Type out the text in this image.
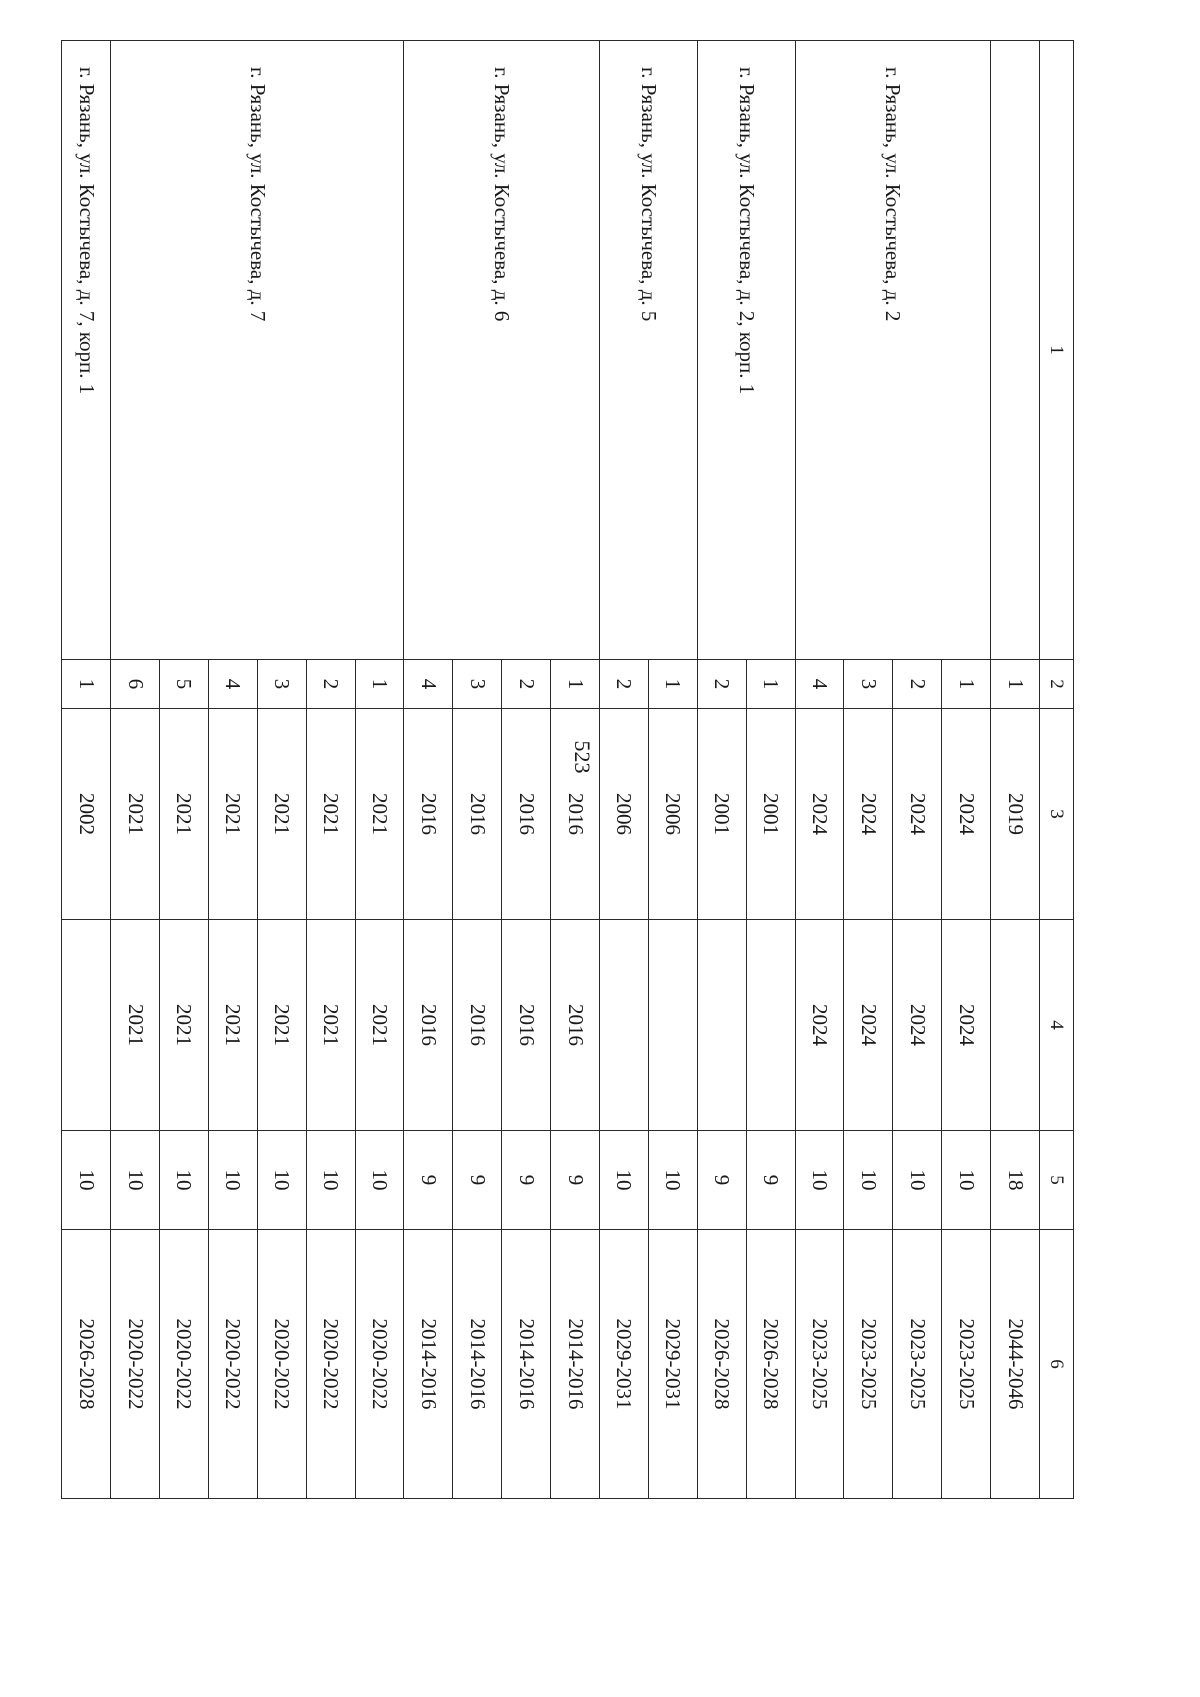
523
1	2	3	4	5	6
	1	2019		18	2044-2046
г. Рязань, ул. Костычева, д. 2	1	2024	2024	10	2023-2025
	2	2024	2024	10	2023-2025
	3	2024	2024	10	2023-2025
	4	2024	2024	10	2023-2025
г. Рязань, ул. Костычева, д. 2, корп. 1	1	2001		9	2026-2028
	2	2001		9	2026-2028
г. Рязань, ул. Костычева, д. 5	1	2006		10	2029-2031
	2	2006		10	2029-2031
г. Рязань, ул. Костычева, д. 6	1	2016	2016	9	2014-2016
	2	2016	2016	9	2014-2016
	3	2016	2016	9	2014-2016
	4	2016	2016	9	2014-2016
г. Рязань, ул. Костычева, д. 7	1	2021	2021	10	2020-2022
	2	2021	2021	10	2020-2022
	3	2021	2021	10	2020-2022
	4	2021	2021	10	2020-2022
	5	2021	2021	10	2020-2022
	6	2021	2021	10	2020-2022
г. Рязань, ул. Костычева, д. 7, корп. 1	1	2002		10	2026-2028
